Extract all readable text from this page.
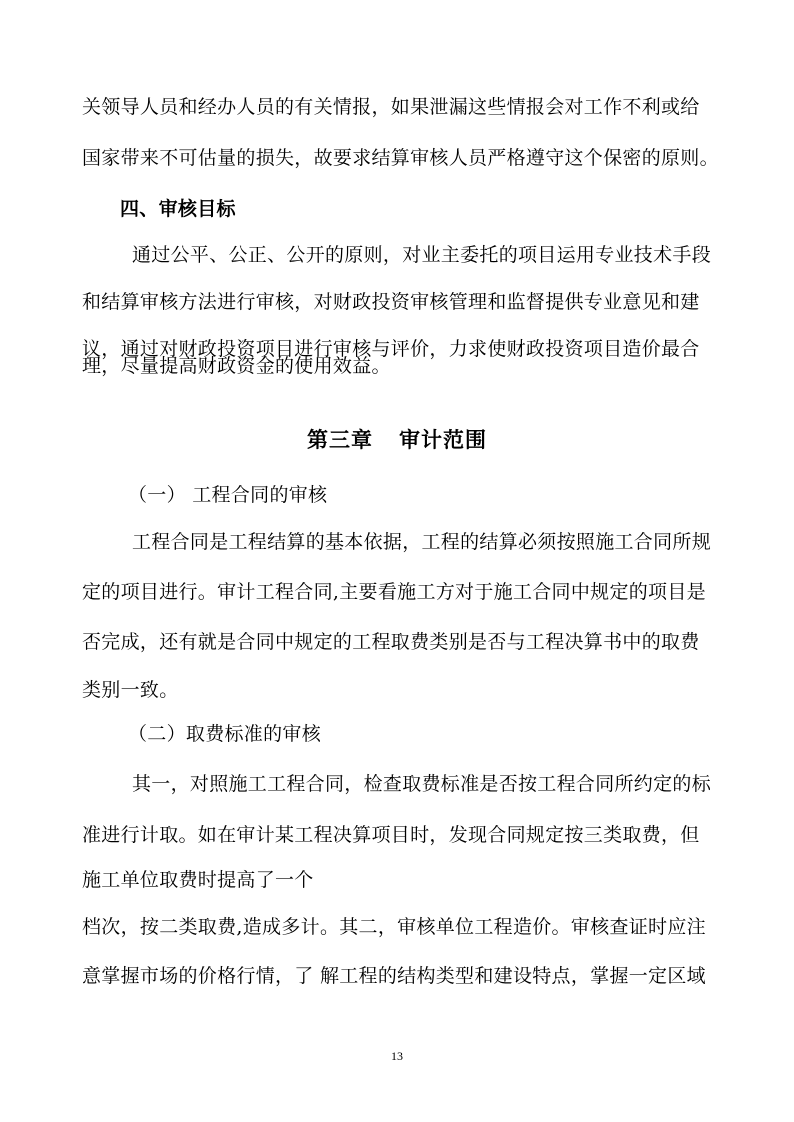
关领导人员和经办人员的有关情报，如果泄漏这些情报会对工作不利或给
国家带来不可估量的损失，故要求结算审核人员严格遵守这个保密的原则。
四、审核目标
通过公平、公正、公开的原则，对业主委托的项目运用专业技术手段
和结算审核方法进行审核，对财政投资审核管理和监督提供专业意见和建
议，通过对财政投资项目进行审核与评价，力求使财政投资项目造价最合
理，尽量提高财政资金的使用效益。
第三章 审计范围
（一） 工程合同的审核
工程合同是工程结算的基本依据，工程的结算必须按照施工合同所规
定的项目进行。审计工程合同,主要看施工方对于施工合同中规定的项目是
否完成，还有就是合同中规定的工程取费类别是否与工程决算书中的取费
类别一致。
（二）取费标准的审核
其一，对照施工工程合同，检查取费标准是否按工程合同所约定的标
准进行计取。如在审计某工程决算项目时，发现合同规定按三类取费，但
施工单位取费时提高了一个
档次，按二类取费,造成多计。其二，审核单位工程造价。审核查证时应注
意掌握市场的价格行情，了 解工程的结构类型和建设特点，掌握一定区域
13
